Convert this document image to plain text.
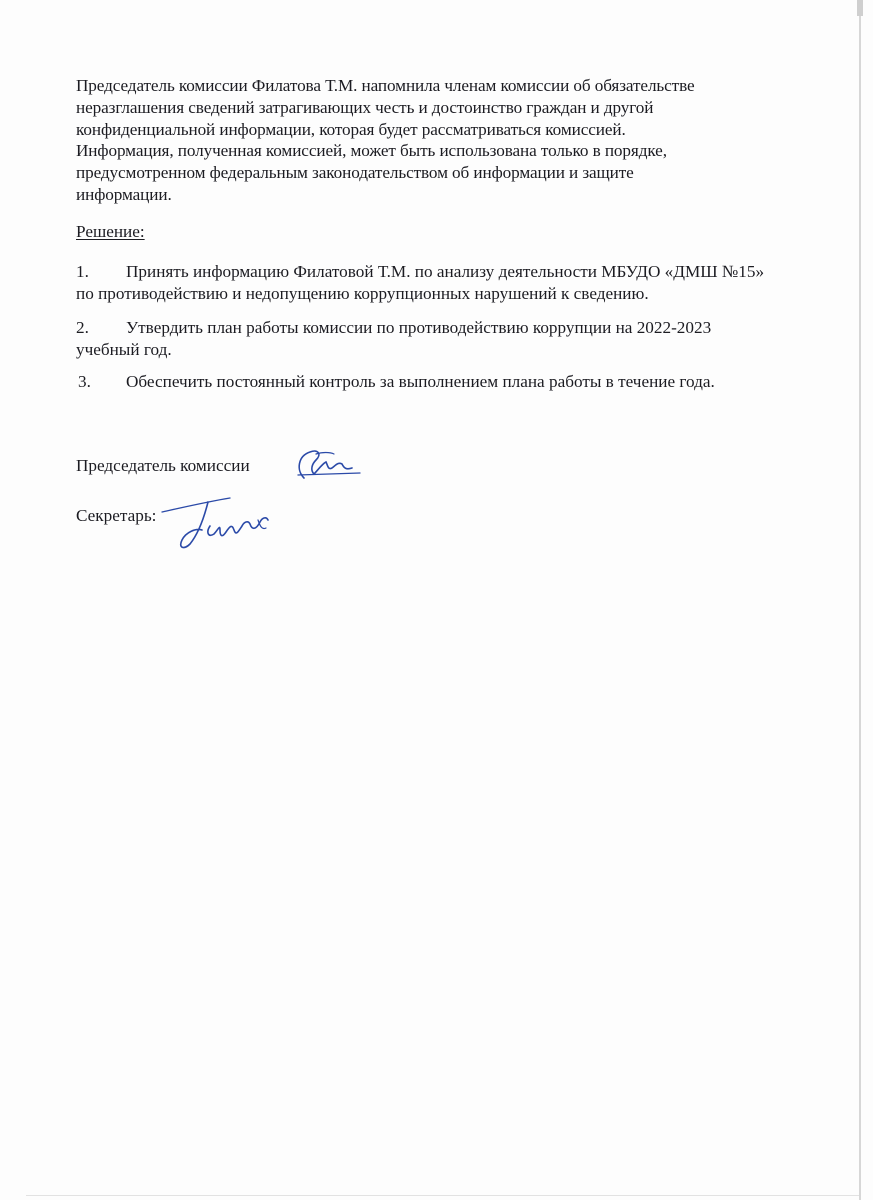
Председатель комиссии Филатова Т.М. напомнила членам комиссии об обязательстве
неразглашения сведений затрагивающих честь и достоинство граждан и другой
конфиденциальной информации, которая будет рассматриваться комиссией.
Информация, полученная комиссией, может быть использована только в порядке,
предусмотренном федеральным законодательством об информации и защите
информации.
Решение:
1. Принять информацию Филатовой Т.М. по анализу деятельности МБУДО «ДМШ №15»
по противодействию и недопущению коррупционных нарушений к сведению.
2. Утвердить план работы комиссии по противодействию коррупции на 2022-2023
учебный год.
3. Обеспечить постоянный контроль за выполнением плана работы в течение года.
Председатель комиссии
Секретарь:
